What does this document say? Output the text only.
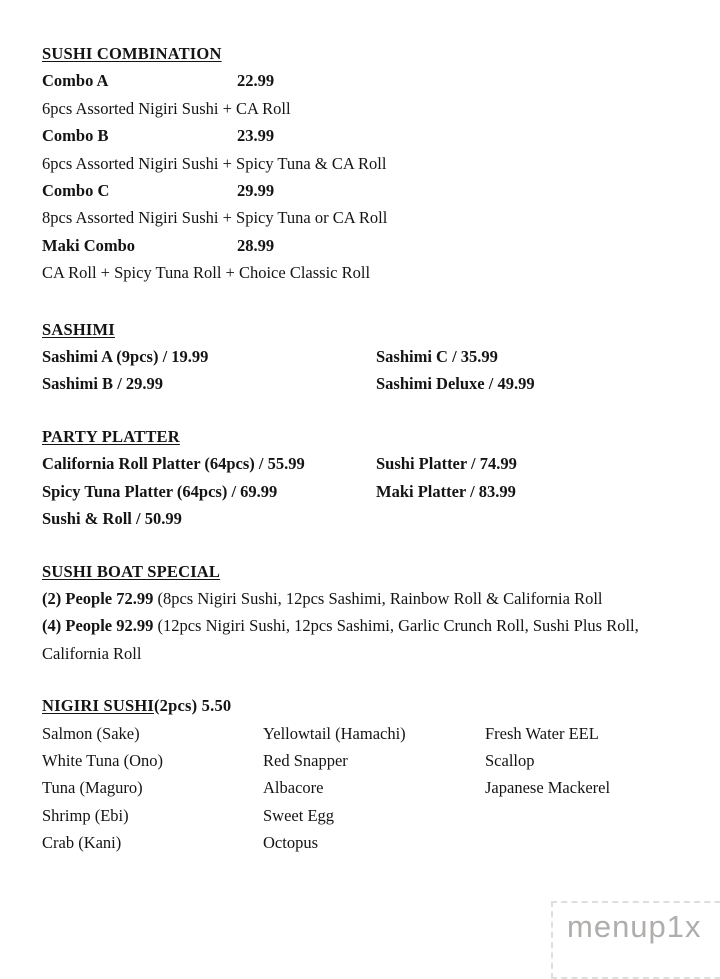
SUSHI COMBINATION
Combo A	22.99
6pcs Assorted Nigiri Sushi + CA Roll
Combo B	23.99
6pcs Assorted Nigiri Sushi + Spicy Tuna & CA Roll
Combo C	29.99
8pcs Assorted Nigiri Sushi + Spicy Tuna or CA Roll
Maki Combo	28.99
CA Roll + Spicy Tuna Roll + Choice Classic Roll
SASHIMI
Sashimi A (9pcs) / 19.99	Sashimi C / 35.99
Sashimi B / 29.99	Sashimi Deluxe / 49.99
PARTY PLATTER
California Roll Platter (64pcs) / 55.99	Sushi Platter / 74.99
Spicy Tuna Platter (64pcs) / 69.99	Maki Platter / 83.99
Sushi & Roll / 50.99
SUSHI BOAT SPECIAL
(2) People 72.99 (8pcs Nigiri Sushi, 12pcs Sashimi, Rainbow Roll & California Roll
(4) People 92.99 (12pcs Nigiri Sushi, 12pcs Sashimi, Garlic Crunch Roll, Sushi Plus Roll, California Roll
NIGIRI SUSHI(2pcs) 5.50
Salmon (Sake)	Yellowtail (Hamachi)	Fresh Water EEL
White Tuna (Ono)	Red Snapper	Scallop
Tuna (Maguro)	Albacore	Japanese Mackerel
Shrimp (Ebi)	Sweet Egg
Crab (Kani)	Octopus
menup1x
